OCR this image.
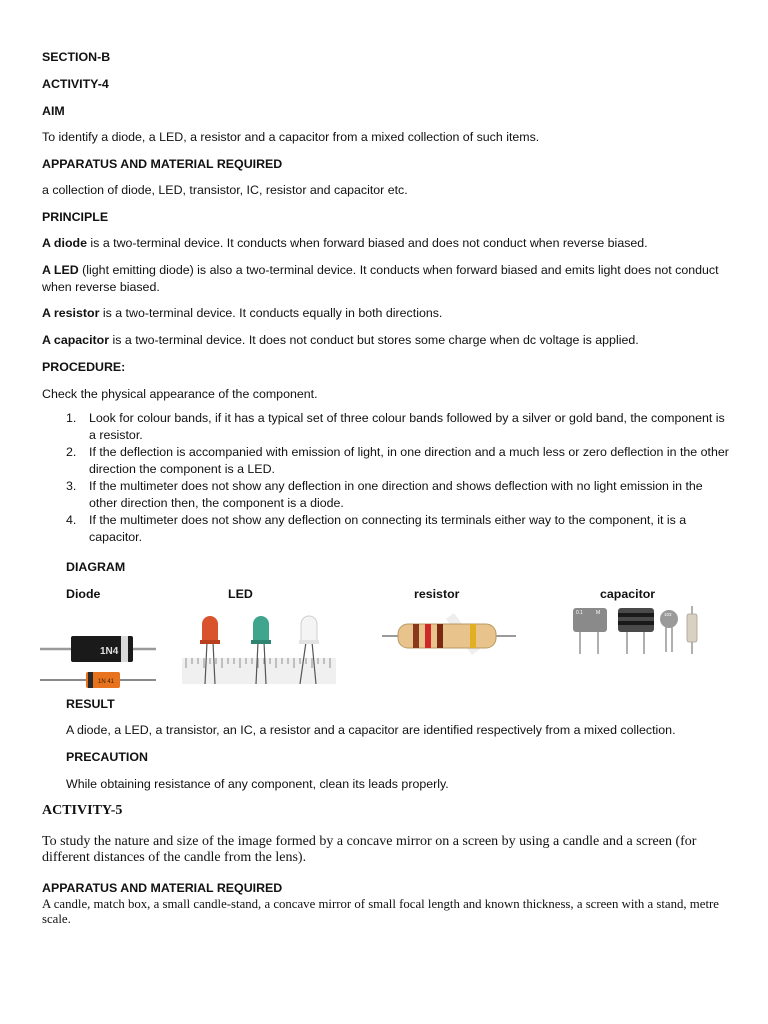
SECTION-B
ACTIVITY-4
AIM
To identify a diode, a LED, a resistor and a capacitor from a mixed collection of such items.
APPARATUS AND MATERIAL REQUIRED
a collection of diode, LED, transistor, IC, resistor and capacitor etc.
PRINCIPLE
A diode is a two-terminal device. It conducts when forward biased and does not conduct when reverse biased.
A LED (light emitting diode) is also a two-terminal device. It conducts when forward biased and emits light does not conduct when reverse biased.
A resistor is a two-terminal device. It conducts equally in both directions.
A capacitor is a two-terminal device. It does not conduct but stores some charge when dc voltage is applied.
PROCEDURE:
Check the physical appearance of the component.
1. Look for colour bands, if it has a typical set of three colour bands followed by a silver or gold band, the component is a resistor.
2. If the deflection is accompanied with emission of light, in one direction and a much less or zero deflection in the other direction the component is a LED.
3. If the multimeter does not show any deflection in one direction and shows deflection with no light emission in the other direction then, the component is a diode.
4. If the multimeter does not show any deflection on connecting its terminals either way to the component, it is a capacitor.
DIAGRAM
Diode	LED	resistor	capacitor
1N4
1N 41
0.1	M	103
RESULT
A diode, a LED, a transistor, an IC, a resistor and a capacitor are identified respectively from a mixed collection.
PRECAUTION
While obtaining resistance of any component, clean its leads properly.
ACTIVITY-5
To study the nature and size of the image formed by a concave mirror on a screen by using a candle and a screen (for different distances of the candle from the lens).
APPARATUS AND MATERIAL REQUIRED
A candle, match box, a small candle-stand, a concave mirror of small focal length and known thickness, a screen with a stand, metre scale.
